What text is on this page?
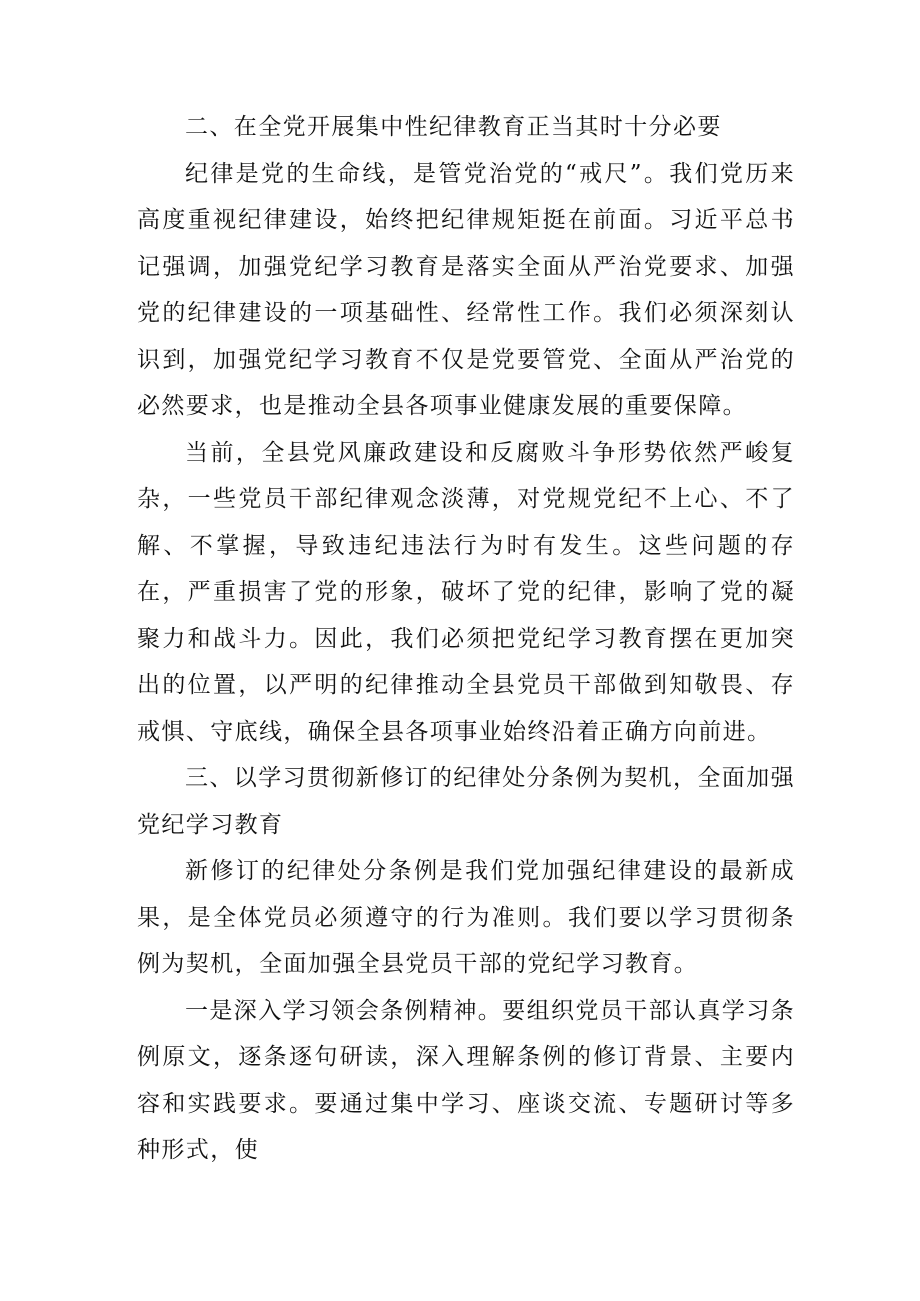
二、在全党开展集中性纪律教育正当其时十分必要

纪律是党的生命线，是管党治党的“戒尺”。我们党历来高度重视纪律建设，始终把纪律规矩挺在前面。习近平总书记强调，加强党纪学习教育是落实全面从严治党要求、加强党的纪律建设的一项基础性、经常性工作。我们必须深刻认识到，加强党纪学习教育不仅是党要管党、全面从严治党的必然要求，也是推动全县各项事业健康发展的重要保障。

当前，全县党风廉政建设和反腐败斗争形势依然严峻复杂，一些党员干部纪律观念淡薄，对党规党纪不上心、不了解、不掌握，导致违纪违法行为时有发生。这些问题的存在，严重损害了党的形象，破坏了党的纪律，影响了党的凝聚力和战斗力。因此，我们必须把党纪学习教育摆在更加突出的位置，以严明的纪律推动全县党员干部做到知敬畏、存戒惧、守底线，确保全县各项事业始终沿着正确方向前进。

三、以学习贯彻新修订的纪律处分条例为契机，全面加强党纪学习教育

新修订的纪律处分条例是我们党加强纪律建设的最新成果，是全体党员必须遵守的行为准则。我们要以学习贯彻条例为契机，全面加强全县党员干部的党纪学习教育。

一是深入学习领会条例精神。要组织党员干部认真学习条例原文，逐条逐句研读，深入理解条例的修订背景、主要内容和实践要求。要通过集中学习、座谈交流、专题研讨等多种形式，使
